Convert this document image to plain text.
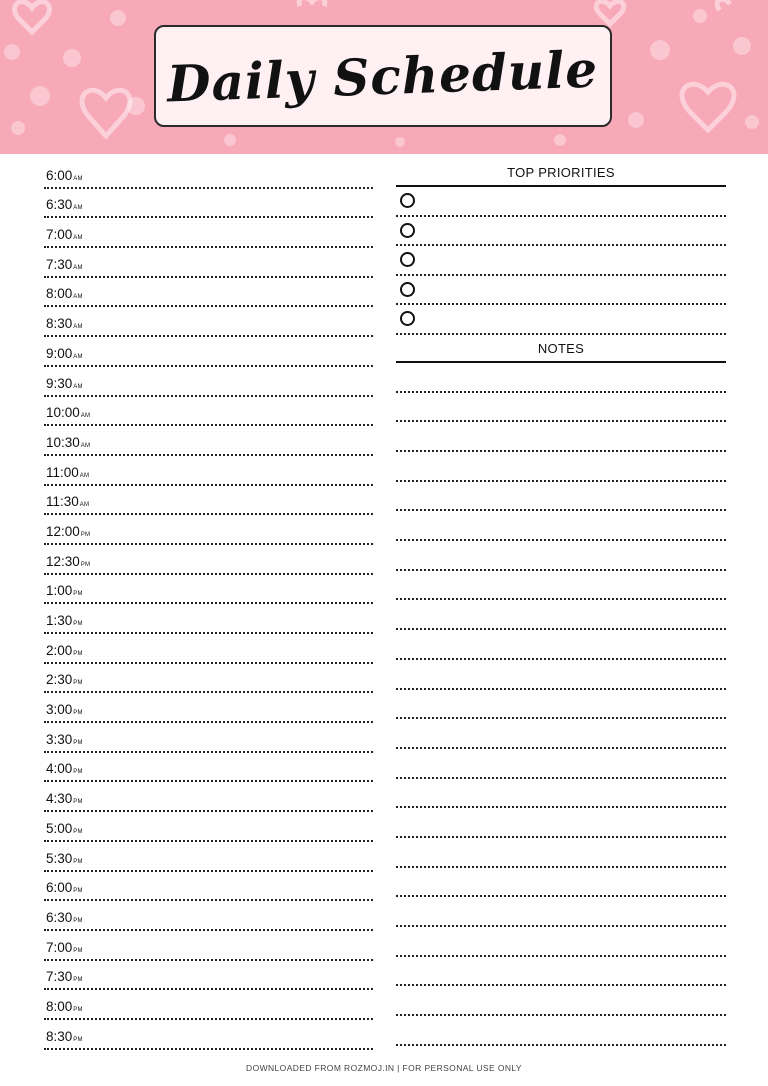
Daily Schedule
6:00AM
6:30AM
7:00AM
7:30AM
8:00AM
8:30AM
9:00AM
9:30AM
10:00AM
10:30AM
11:00AM
11:30AM
12:00PM
12:30PM
1:00PM
1:30PM
2:00PM
2:30PM
3:00PM
3:30PM
4:00PM
4:30PM
5:00PM
5:30PM
6:00PM
6:30PM
7:00PM
7:30PM
8:00PM
8:30PM
TOP PRIORITIES
NOTES
DOWNLOADED FROM ROZMOJ.IN | FOR PERSONAL USE ONLY
